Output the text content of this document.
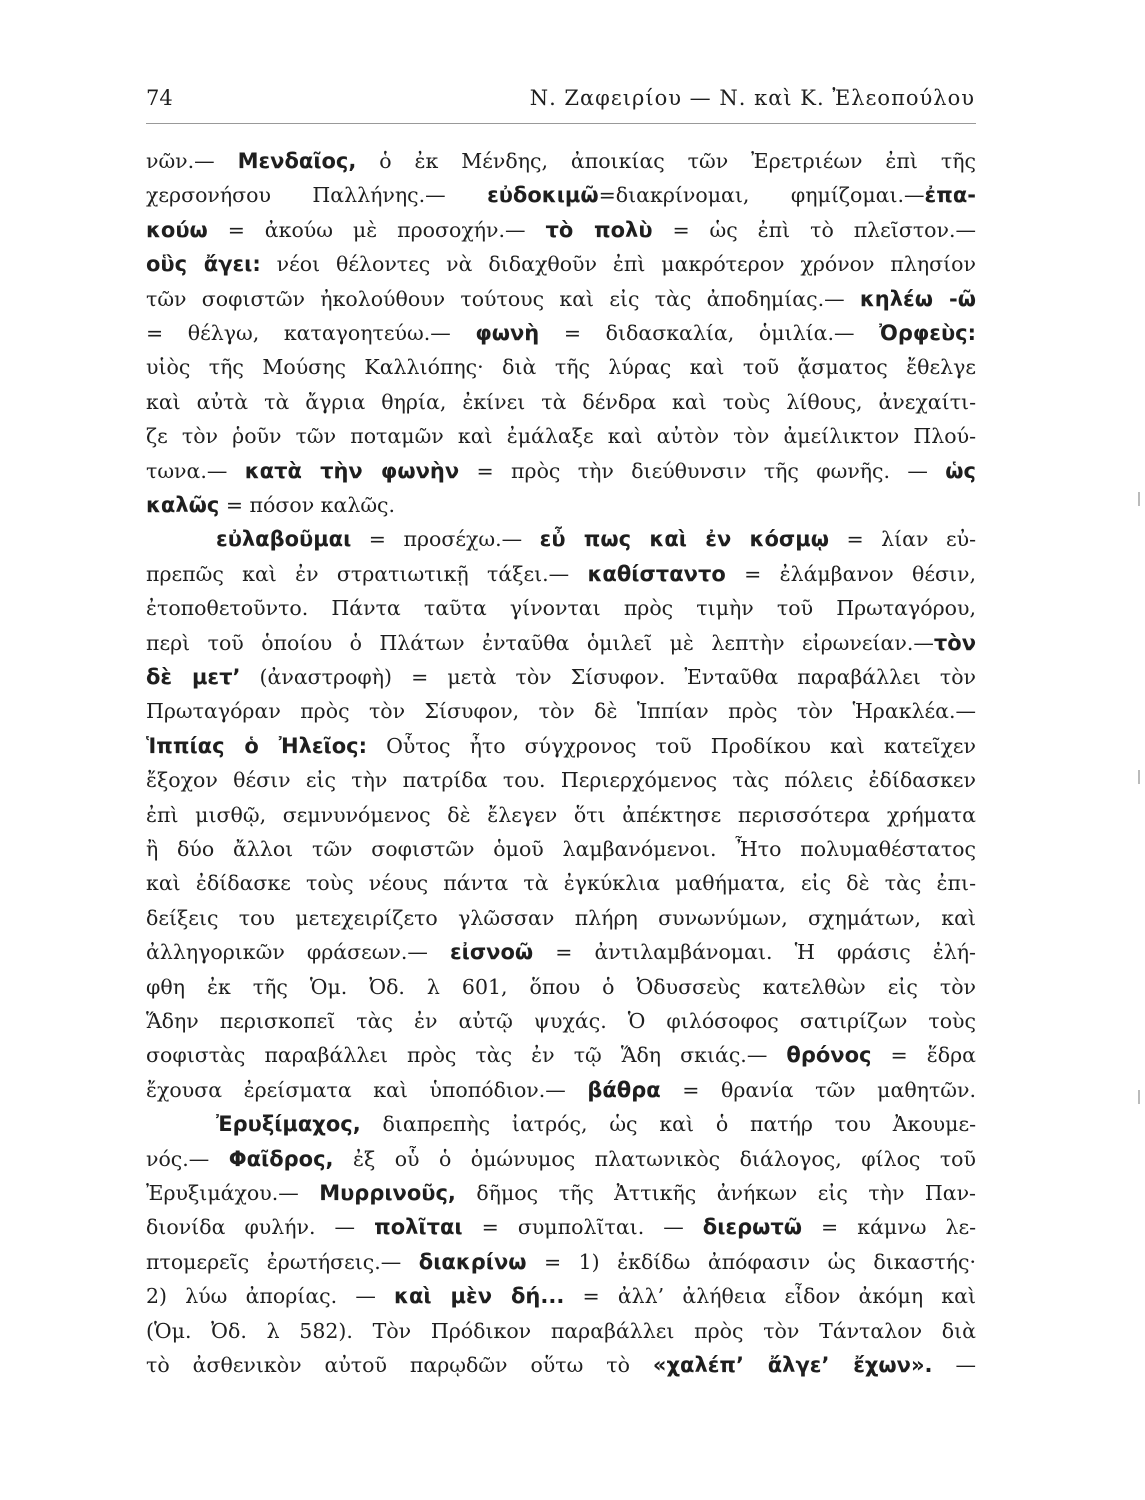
74	Ν. Ζαφειρίου — Ν. καὶ Κ. Ἐλεοπούλου
νῶν.— Μενδαῖος, ὁ ἐκ Μένδης, ἀποικίας τῶν Ἐρετριέων ἐπὶ τῆς
χερσονήσου Παλλήνης.— εὐδοκιμῶ=διακρίνομαι, φημίζομαι.—ἐπα-
κούω = ἀκούω μὲ προσοχήν.— τὸ πολὺ = ὡς ἐπὶ τὸ πλεῖστον.—
οὓς ἄγει: νέοι θέλοντες νὰ διδαχθοῦν ἐπὶ μακρότερον χρόνον πλησίον
τῶν σοφιστῶν ἠκολούθουν τούτους καὶ εἰς τὰς ἀποδημίας.— κηλέω -ῶ
= θέλγω, καταγοητεύω.— φωνὴ = διδασκαλία, ὁμιλία.— Ὀρφεὺς:
υἱὸς τῆς Μούσης Καλλιόπης· διὰ τῆς λύρας καὶ τοῦ ᾄσματος ἔθελγε
καὶ αὐτὰ τὰ ἄγρια θηρία, ἐκίνει τὰ δένδρα καὶ τοὺς λίθους, ἀνεχαίτι-
ζε τὸν ῥοῦν τῶν ποταμῶν καὶ ἐμάλαξε καὶ αὐτὸν τὸν ἀμείλικτον Πλού-
τωνα.— κατὰ τὴν φωνὴν = πρὸς τὴν διεύθυνσιν τῆς φωνῆς. — ὡς
καλῶς = πόσον καλῶς.
εὐλαβοῦμαι = προσέχω.— εὖ πως καὶ ἐν κόσμῳ = λίαν εὐ-
πρεπῶς καὶ ἐν στρατιωτικῇ τάξει.— καθίσταντο = ἐλάμβανον θέσιν,
ἐτοποθετοῦντο. Πάντα ταῦτα γίνονται πρὸς τιμὴν τοῦ Πρωταγόρου,
περὶ τοῦ ὁποίου ὁ Πλάτων ἐνταῦθα ὁμιλεῖ μὲ λεπτὴν εἰρωνείαν.—τὸν
δὲ μετ’ (ἀναστροφὴ) = μετὰ τὸν Σίσυφον. Ἐνταῦθα παραβάλλει τὸν
Πρωταγόραν πρὸς τὸν Σίσυφον, τὸν δὲ Ἱππίαν πρὸς τὸν Ἡρακλέα.—
Ἱππίας ὁ Ἠλεῖος: Οὗτος ἦτο σύγχρονος τοῦ Προδίκου καὶ κατεῖχεν
ἔξοχον θέσιν εἰς τὴν πατρίδα του. Περιερχόμενος τὰς πόλεις ἐδίδασκεν
ἐπὶ μισθῷ, σεμνυνόμενος δὲ ἔλεγεν ὅτι ἀπέκτησε περισσότερα χρήματα
ἢ δύο ἄλλοι τῶν σοφιστῶν ὁμοῦ λαμβανόμενοι. Ἦτο πολυμαθέστατος
καὶ ἐδίδασκε τοὺς νέους πάντα τὰ ἐγκύκλια μαθήματα, εἰς δὲ τὰς ἐπι-
δείξεις του μετεχειρίζετο γλῶσσαν πλήρη συνωνύμων, σχημάτων, καὶ
ἀλληγορικῶν φράσεων.— εἰσνοῶ = ἀντιλαμβάνομαι. Ἡ φράσις ἐλή-
φθη ἐκ τῆς Ὁμ. Ὀδ. λ 601, ὅπου ὁ Ὀδυσσεὺς κατελθὼν εἰς τὸν
Ἅδην περισκοπεῖ τὰς ἐν αὐτῷ ψυχάς. Ὁ φιλόσοφος σατιρίζων τοὺς
σοφιστὰς παραβάλλει πρὸς τὰς ἐν τῷ Ἅδη σκιάς.— θρόνος = ἕδρα
ἔχουσα ἐρείσματα καὶ ὑποπόδιον.— βάθρα = θρανία τῶν μαθητῶν.
Ἐρυξίμαχος, διαπρεπὴς ἰατρός, ὡς καὶ ὁ πατήρ του Ἀκουμε-
νός.— Φαῖδρος, ἐξ οὗ ὁ ὁμώνυμος πλατωνικὸς διάλογος, φίλος τοῦ
Ἐρυξιμάχου.— Μυρρινοῦς, δῆμος τῆς Ἀττικῆς ἀνήκων εἰς τὴν Παν-
διονίδα φυλήν. — πολῖται = συμπολῖται. — διερωτῶ = κάμνω λε-
πτομερεῖς ἐρωτήσεις.— διακρίνω = 1) ἐκδίδω ἀπόφασιν ὡς δικαστής·
2) λύω ἀπορίας. — καὶ μὲν δή... = ἀλλ’ ἀλήθεια εἶδον ἀκόμη καὶ
(Ὁμ. Ὀδ. λ 582). Τὸν Πρόδικον παραβάλλει πρὸς τὸν Τάνταλον διὰ
τὸ ἀσθενικὸν αὐτοῦ παρῳδῶν οὕτω τὸ «χαλέπ’ ἄλγε’ ἔχων». —
